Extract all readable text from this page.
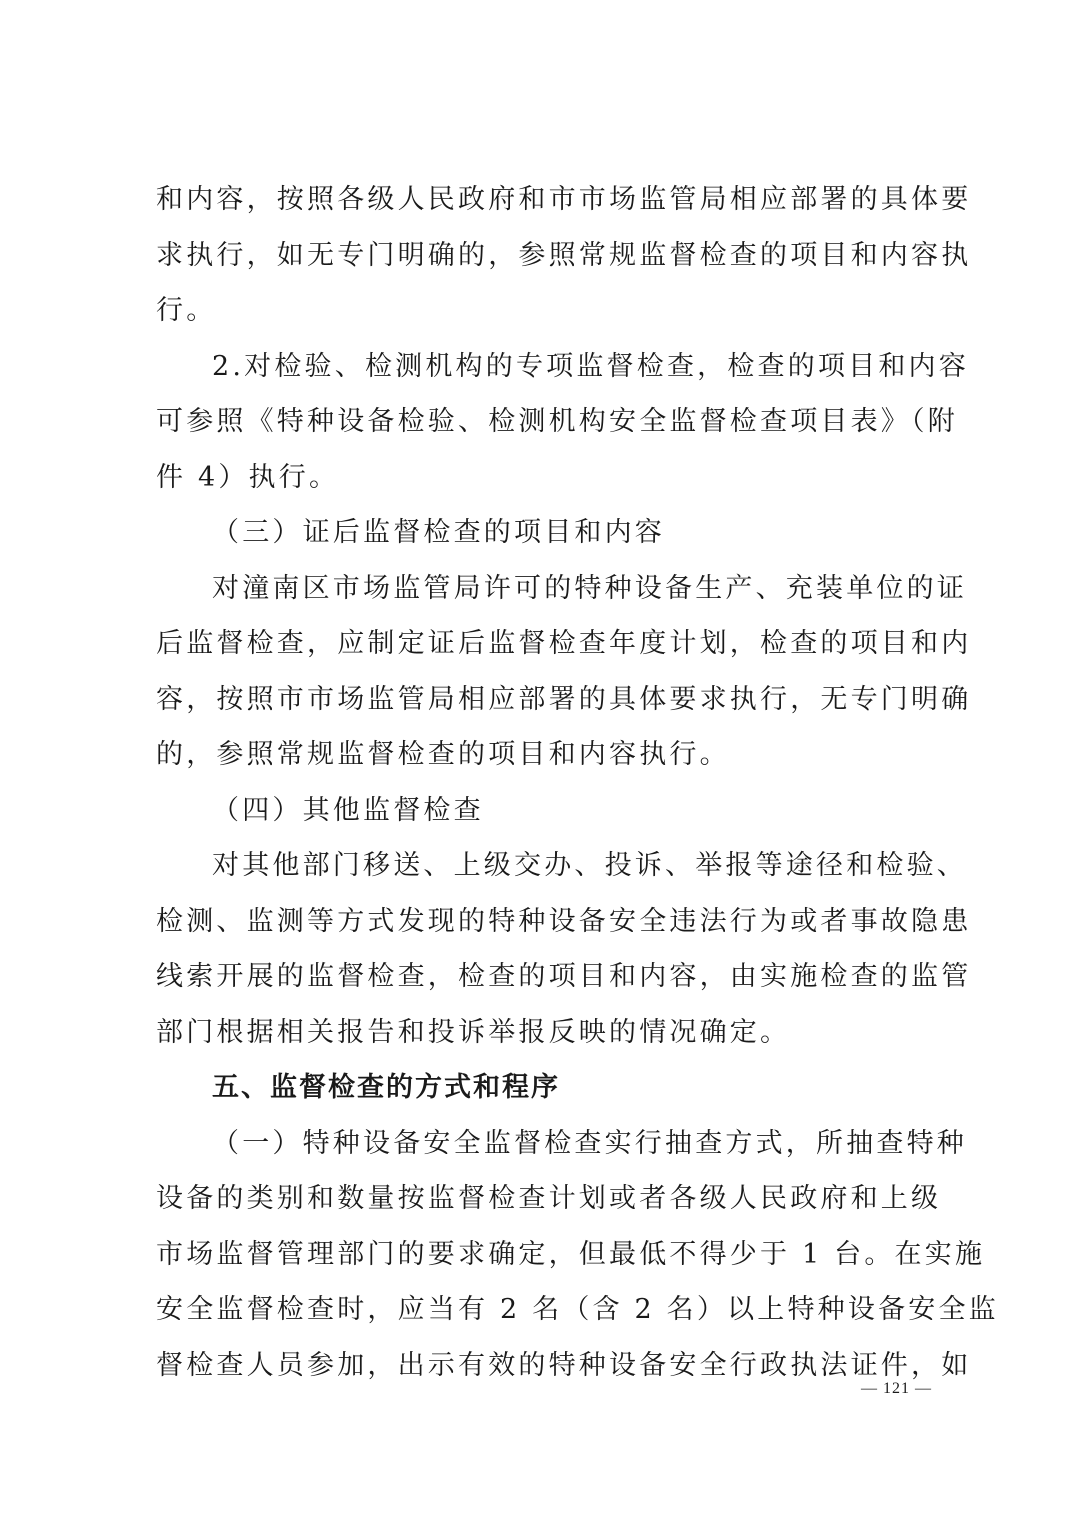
和内容，按照各级人民政府和市市场监管局相应部署的具体要
求执行，如无专门明确的，参照常规监督检查的项目和内容执
行。
2.对检验、检测机构的专项监督检查，检查的项目和内容
可参照《特种设备检验、检测机构安全监督检查项目表》（附
件 4）执行。
（三）证后监督检查的项目和内容
对潼南区市场监管局许可的特种设备生产、充装单位的证
后监督检查，应制定证后监督检查年度计划，检查的项目和内
容，按照市市场监管局相应部署的具体要求执行，无专门明确
的，参照常规监督检查的项目和内容执行。
（四）其他监督检查
对其他部门移送、上级交办、投诉、举报等途径和检验、
检测、监测等方式发现的特种设备安全违法行为或者事故隐患
线索开展的监督检查，检查的项目和内容，由实施检查的监管
部门根据相关报告和投诉举报反映的情况确定。
五、监督检查的方式和程序
（一）特种设备安全监督检查实行抽查方式，所抽查特种
设备的类别和数量按监督检查计划或者各级人民政府和上级
市场监督管理部门的要求确定，但最低不得少于 1 台。在实施
安全监督检查时，应当有 2 名（含 2 名）以上特种设备安全监
督检查人员参加，出示有效的特种设备安全行政执法证件，如
— 121 —
